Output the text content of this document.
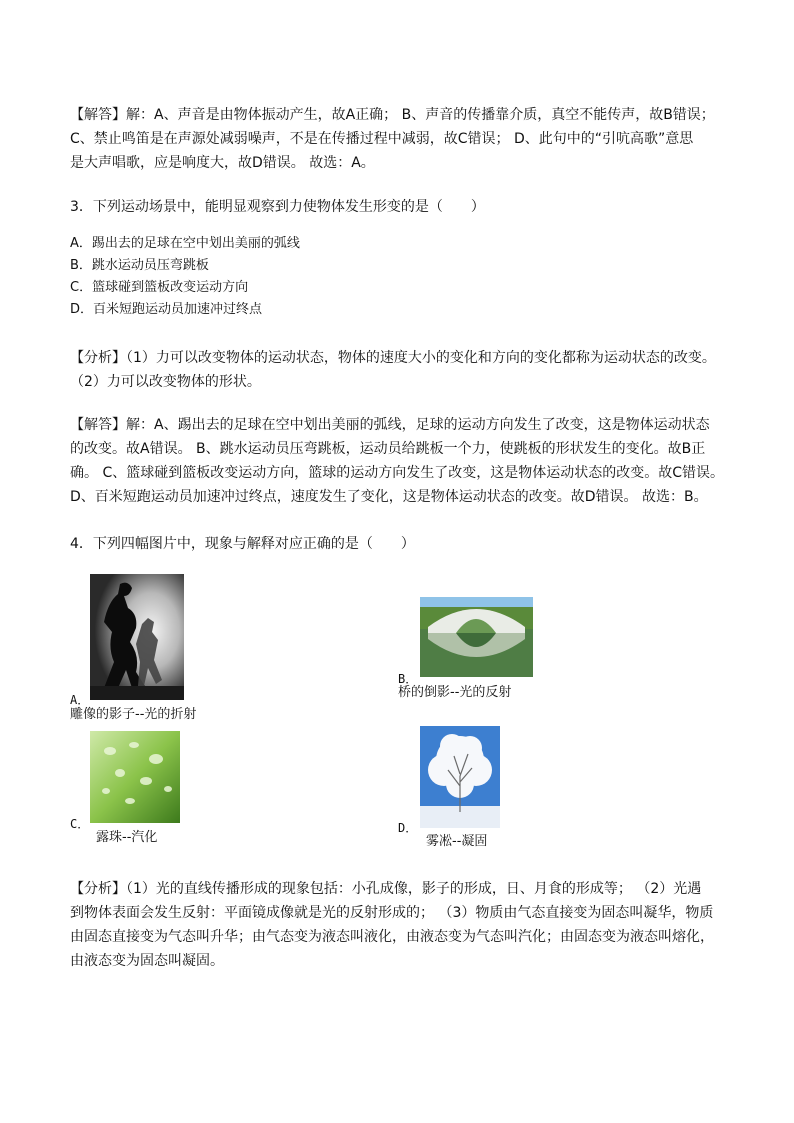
【解答】解：A、声音是由物体振动产生，故A正确； B、声音的传播靠介质，真空不能传声，故B错误；
C、禁止鸣笛是在声源处减弱噪声，不是在传播过程中减弱，故C错误； D、此句中的“引吭高歌”意思
是大声唱歌，应是响度大，故D错误。 故选：A。
3．下列运动场景中，能明显观察到力使物体发生形变的是（　　）
A．踢出去的足球在空中划出美丽的弧线
B．跳水运动员压弯跳板
C．篮球碰到篮板改变运动方向
D．百米短跑运动员加速冲过终点
【分析】（1）力可以改变物体的运动状态，物体的速度大小的变化和方向的变化都称为运动状态的改变。
（2）力可以改变物体的形状。
【解答】解：A、踢出去的足球在空中划出美丽的弧线，足球的运动方向发生了改变，这是物体运动状态
的改变。故A错误。 B、跳水运动员压弯跳板，运动员给跳板一个力，使跳板的形状发生的变化。故B正
确。 C、篮球碰到篮板改变运动方向，篮球的运动方向发生了改变，这是物体运动状态的改变。故C错误。
D、百米短跑运动员加速冲过终点，速度发生了变化，这是物体运动状态的改变。故D错误。 故选：B。
4．下列四幅图片中，现象与解释对应正确的是（　　）
A．
雕像的影子--光的折射
B．
桥的倒影--光的反射
C．
露珠--汽化
D．
雾凇--凝固
【分析】（1）光的直线传播形成的现象包括：小孔成像，影子的形成，日、月食的形成等； （2）光遇
到物体表面会发生反射：平面镜成像就是光的反射形成的； （3）物质由气态直接变为固态叫凝华，物质
由固态直接变为气态叫升华；由气态变为液态叫液化，由液态变为气态叫汽化；由固态变为液态叫熔化，
由液态变为固态叫凝固。
